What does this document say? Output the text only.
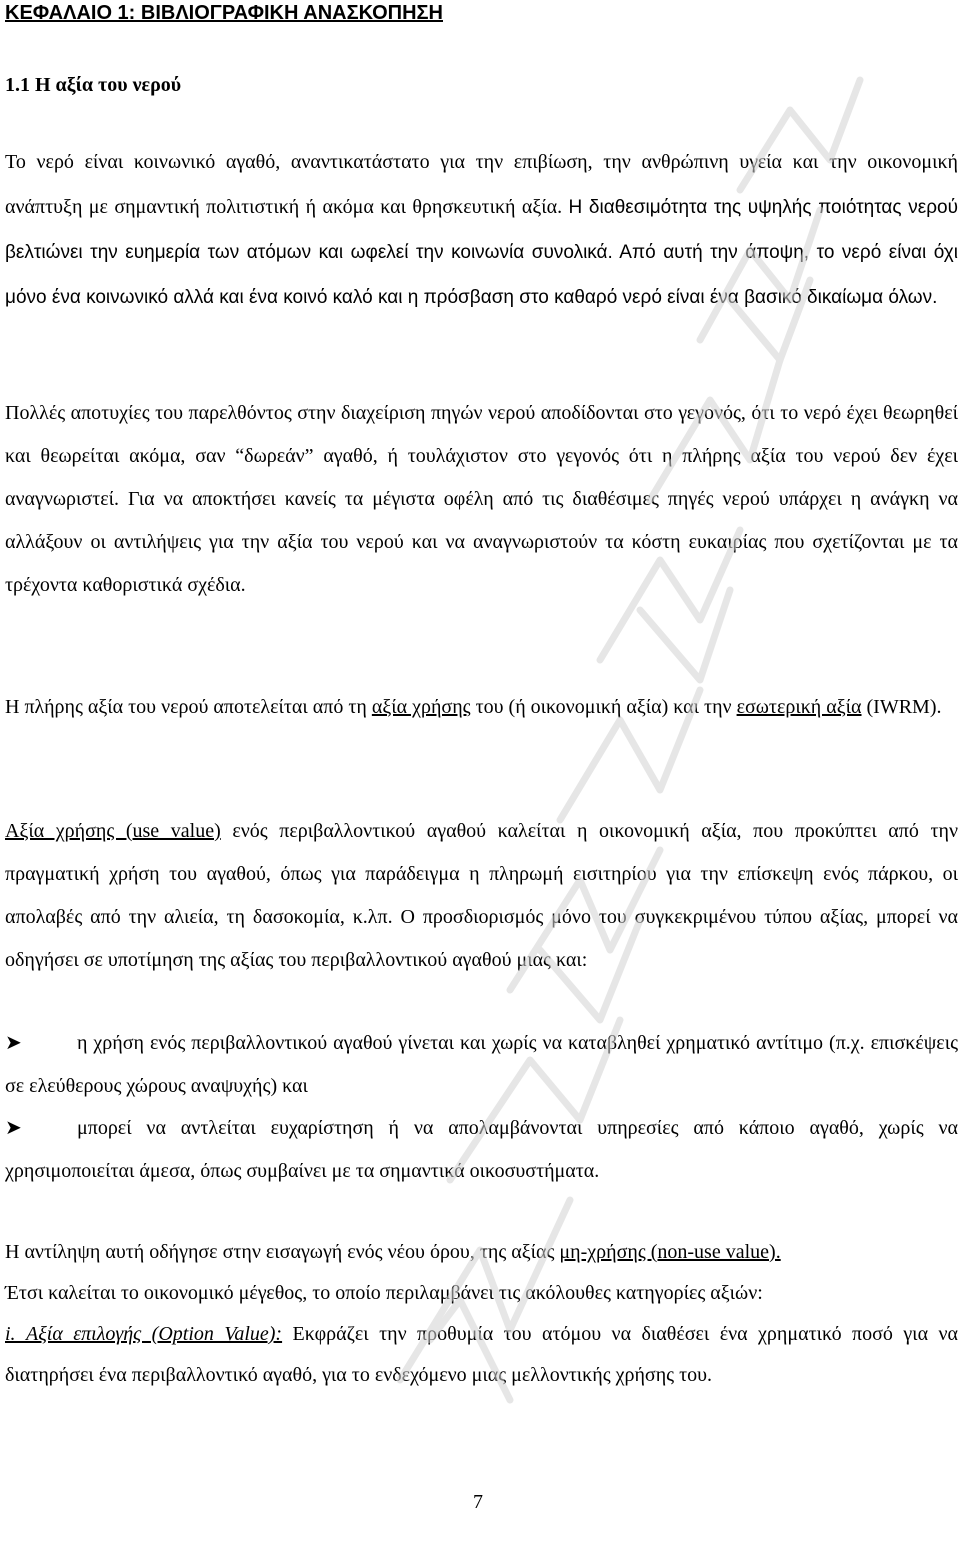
ΚΕΦΑΛΑΙΟ 1: ΒΙΒΛΙΟΓΡΑΦΙΚΗ ΑΝΑΣΚΟΠΗΣΗ
1.1 Η αξία του νερού
Το νερό είναι κοινωνικό αγαθό, αναντικατάστατο για την επιβίωση, την ανθρώπινη υγεία και την οικονομική ανάπτυξη με σημαντική πολιτιστική ή ακόμα και θρησκευτική αξία. Η διαθεσιμότητα της υψηλής ποιότητας νερού βελτιώνει την ευημερία των ατόμων και ωφελεί την κοινωνία συνολικά. Από αυτή την άποψη, το νερό είναι όχι μόνο ένα κοινωνικό αλλά και ένα κοινό καλό και η πρόσβαση στο καθαρό νερό είναι ένα βασικό δικαίωμα όλων.
Πολλές αποτυχίες του παρελθόντος στην διαχείριση πηγών νερού αποδίδονται στο γεγονός, ότι το νερό έχει θεωρηθεί και θεωρείται ακόμα, σαν “δωρεάν” αγαθό, ή τουλάχιστον στο γεγονός ότι η πλήρης αξία του νερού δεν έχει αναγνωριστεί. Για να αποκτήσει κανείς τα μέγιστα οφέλη από τις διαθέσιμες πηγές νερού υπάρχει η ανάγκη να αλλάξουν οι αντιλήψεις για την αξία του νερού και να αναγνωριστούν τα κόστη ευκαιρίας που σχετίζονται με τα τρέχοντα καθοριστικά σχέδια.
Η πλήρης αξία του νερού αποτελείται από τη αξία χρήσης του (ή οικονομική αξία) και την εσωτερική αξία (IWRM).
Αξία χρήσης (use value) ενός περιβαλλοντικού αγαθού καλείται η οικονομική αξία, που προκύπτει από την πραγματική χρήση του αγαθού, όπως για παράδειγμα η πληρωμή εισιτηρίου για την επίσκεψη ενός πάρκου, οι απολαβές από την αλιεία, τη δασοκομία, κ.λπ. Ο προσδιορισμός μόνο του συγκεκριμένου τύπου αξίας, μπορεί να οδηγήσει σε υποτίμηση της αξίας του περιβαλλοντικού αγαθού μιας και:
➤	η χρήση ενός περιβαλλοντικού αγαθού γίνεται και χωρίς να καταβληθεί χρηματικό αντίτιμο (π.χ. επισκέψεις σε ελεύθερους χώρους αναψυχής) και
➤	μπορεί να αντλείται ευχαρίστηση ή να απολαμβάνονται υπηρεσίες από κάποιο αγαθό, χωρίς να χρησιμοποιείται άμεσα, όπως συμβαίνει με τα σημαντικά οικοσυστήματα.
Η αντίληψη αυτή οδήγησε στην εισαγωγή ενός νέου όρου, της αξίας μη-χρήσης (non-use value).
Έτσι καλείται το οικονομικό μέγεθος, το οποίο περιλαμβάνει τις ακόλουθες κατηγορίες αξιών:
i. Αξία επιλογής (Option Value): Εκφράζει την προθυμία του ατόμου να διαθέσει ένα χρηματικό ποσό για να διατηρήσει ένα περιβαλλοντικό αγαθό, για το ενδεχόμενο μιας μελλοντικής χρήσης του.
7
